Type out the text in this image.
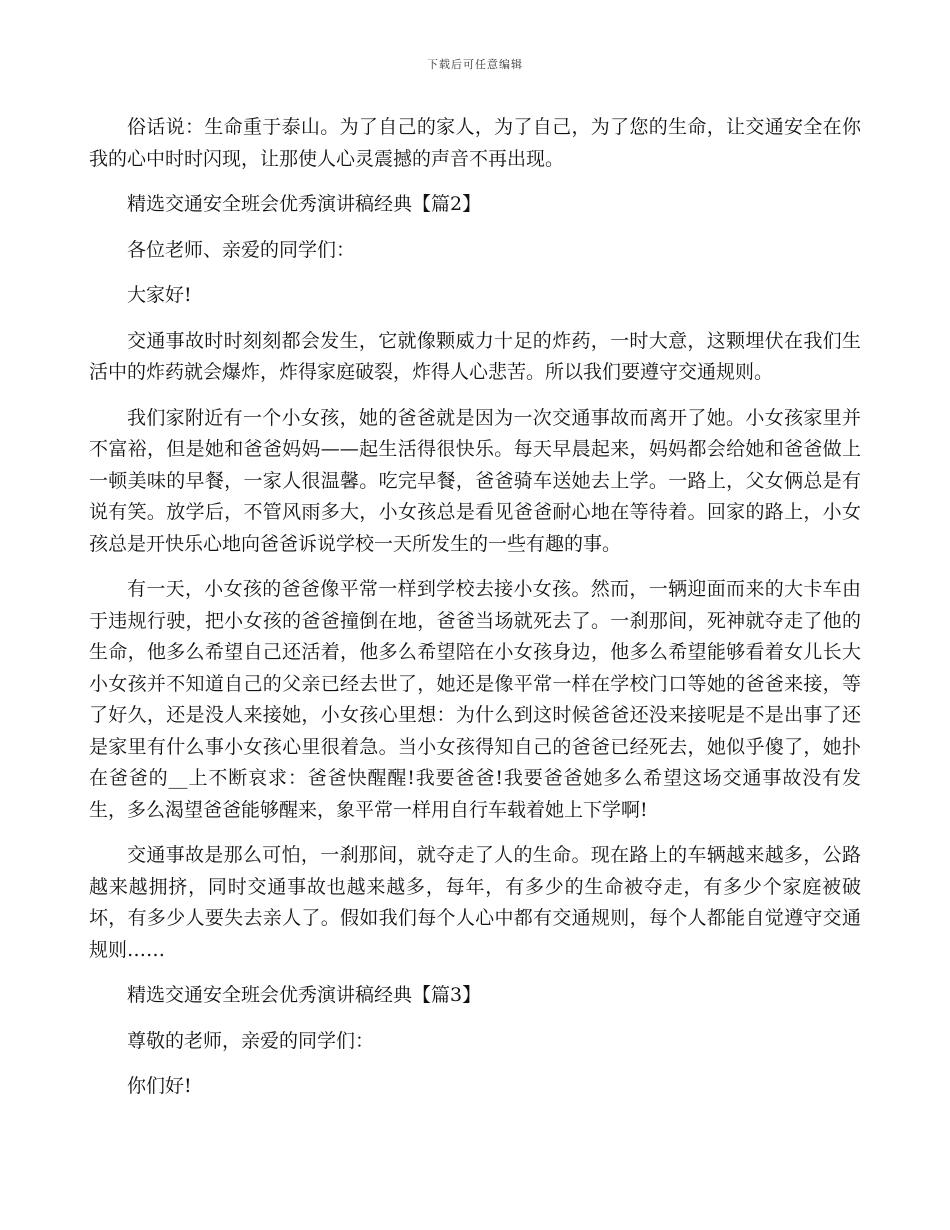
下载后可任意编辑

俗话说：生命重于泰山。为了自己的家人，为了自己，为了您的生命，让交通安全在你我的心中时时闪现，让那使人心灵震撼的声音不再出现。

精选交通安全班会优秀演讲稿经典【篇2】

各位老师、亲爱的同学们：

大家好!

交通事故时时刻刻都会发生，它就像颗威力十足的炸药，一时大意，这颗埋伏在我们生活中的炸药就会爆炸，炸得家庭破裂，炸得人心悲苦。所以我们要遵守交通规则。

我们家附近有一个小女孩，她的爸爸就是因为一次交通事故而离开了她。小女孩家里并不富裕，但是她和爸爸妈妈——起生活得很快乐。每天早晨起来，妈妈都会给她和爸爸做上一顿美味的早餐，一家人很温馨。吃完早餐，爸爸骑车送她去上学。一路上，父女俩总是有说有笑。放学后，不管风雨多大，小女孩总是看见爸爸耐心地在等待着。回家的路上，小女孩总是开快乐心地向爸爸诉说学校一天所发生的一些有趣的事。

有一天，小女孩的爸爸像平常一样到学校去接小女孩。然而，一辆迎面而来的大卡车由于违规行驶，把小女孩的爸爸撞倒在地，爸爸当场就死去了。一刹那间，死神就夺走了他的生命，他多么希望自己还活着，他多么希望陪在小女孩身边，他多么希望能够看着女儿长大小女孩并不知道自己的父亲已经去世了，她还是像平常一样在学校门口等她的爸爸来接，等了好久，还是没人来接她，小女孩心里想：为什么到这时候爸爸还没来接呢是不是出事了还是家里有什么事小女孩心里很着急。当小女孩得知自己的爸爸已经死去，她似乎傻了，她扑在爸爸的__上不断哀求：爸爸快醒醒!我要爸爸!我要爸爸她多么希望这场交通事故没有发生，多么渴望爸爸能够醒来，象平常一样用自行车载着她上下学啊!

交通事故是那么可怕，一刹那间，就夺走了人的生命。现在路上的车辆越来越多，公路越来越拥挤，同时交通事故也越来越多，每年，有多少的生命被夺走，有多少个家庭被破坏，有多少人要失去亲人了。假如我们每个人心中都有交通规则，每个人都能自觉遵守交通规则……

精选交通安全班会优秀演讲稿经典【篇3】

尊敬的老师，亲爱的同学们：

你们好!
